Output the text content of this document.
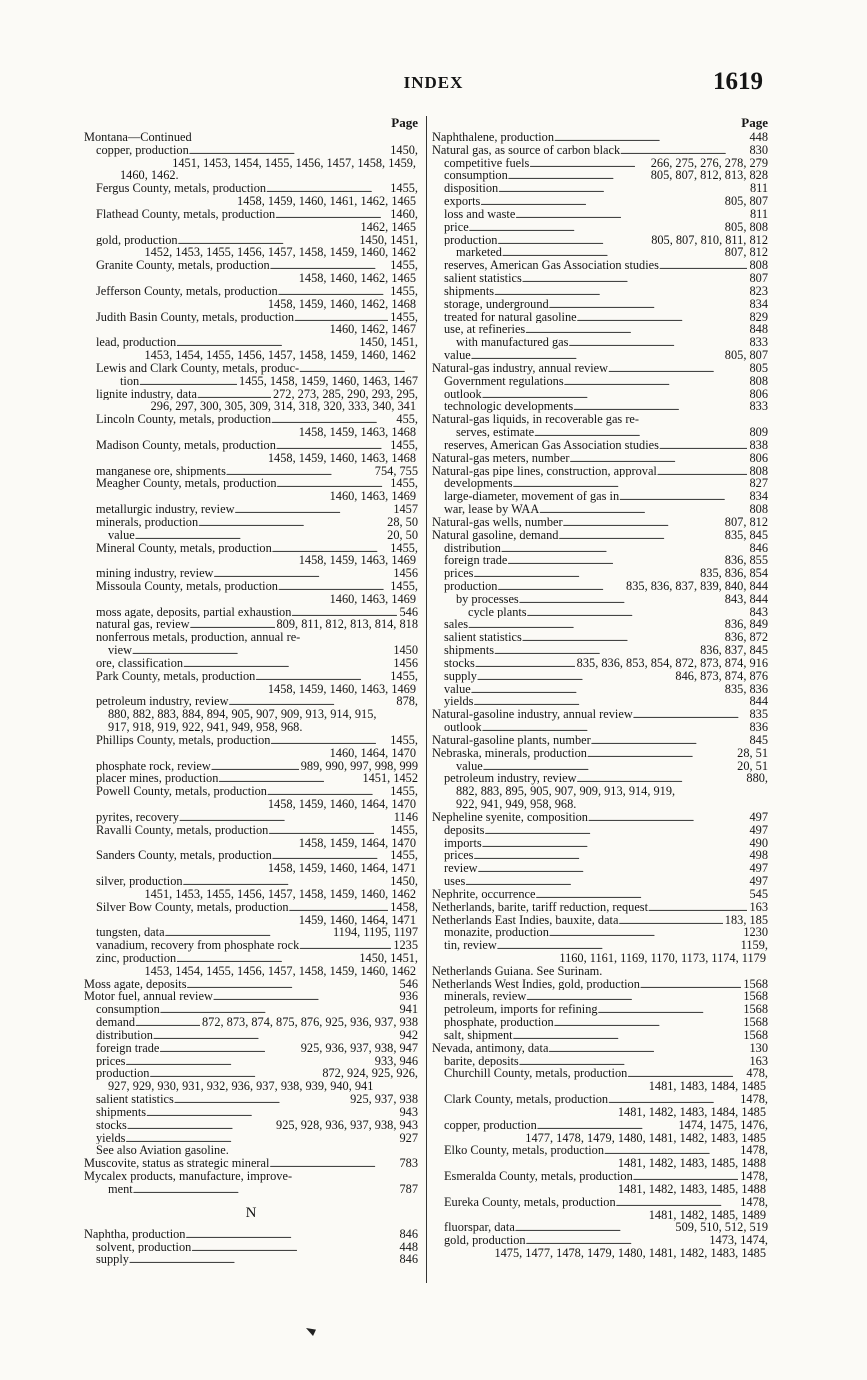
INDEX	1619
Page
Montana—Continued
copper, production . . .	1450,
1451, 1453, 1454, 1455, 1456, 1457, 1458, 1459,
1460, 1462.
Fergus County, metals, production . . .	1455,
1458, 1459, 1460, 1461, 1462, 1465
Flathead County, metals, production . . .	1460,
1462, 1465
gold, production . . .	1450, 1451,
1452, 1453, 1455, 1456, 1457, 1458, 1459, 1460, 1462
Granite County, metals, production . . .	1455,
1458, 1460, 1462, 1465
Jefferson County, metals, production . . .	1455,
1458, 1459, 1460, 1462, 1468
Judith Basin County, metals, production . . .	1455,
1460, 1462, 1467
lead, production . . .	1450, 1451,
1453, 1454, 1455, 1456, 1457, 1458, 1459, 1460, 1462
Lewis and Clark County, metals, produc-
. . .
tion . . .	1455, 1458, 1459, 1460, 1463, 1467
lignite industry, data . . .	272, 273, 285, 290, 293, 295,
296, 297, 300, 305, 309, 314, 318, 320, 333, 340, 341
Lincoln County, metals, production . . .	455,
1458, 1459, 1463, 1468
Madison County, metals, production . . .	1455,
1458, 1459, 1460, 1463, 1468
manganese ore, shipments . . .	754, 755
Meagher County, metals, production . . .	1455,
1460, 1463, 1469
metallurgic industry, review . . .	1457
minerals, production . . .	28, 50
value . . .	20, 50
Mineral County, metals, production . . .	1455,
1458, 1459, 1463, 1469
mining industry, review . . .	1456
Missoula County, metals, production . . .	1455,
1460, 1463, 1469
moss agate, deposits, partial exhaustion . . .	546
natural gas, review . . .	809, 811, 812, 813, 814, 818
nonferrous metals, production, annual re-
view . . .	1450
ore, classification . . .	1456
Park County, metals, production . . .	1455,
1458, 1459, 1460, 1463, 1469
petroleum industry, review . . .	878,
880, 882, 883, 884, 894, 905, 907, 909, 913, 914, 915,
917, 918, 919, 922, 941, 949, 958, 968.
Phillips County, metals, production . . .	1455,
1460, 1464, 1470
phosphate rock, review . . .	989, 990, 997, 998, 999
placer mines, production . . .	1451, 1452
Powell County, metals, production . . .	1455,
1458, 1459, 1460, 1464, 1470
pyrites, recovery . . .	1146
Ravalli County, metals, production . . .	1455,
1458, 1459, 1464, 1470
Sanders County, metals, production . . .	1455,
1458, 1459, 1460, 1464, 1471
silver, production . . .	1450,
1451, 1453, 1455, 1456, 1457, 1458, 1459, 1460, 1462
Silver Bow County, metals, production . . .	1458,
1459, 1460, 1464, 1471
tungsten, data . . .	1194, 1195, 1197
vanadium, recovery from phosphate rock . . .	1235
zinc, production . . .	1450, 1451,
1453, 1454, 1455, 1456, 1457, 1458, 1459, 1460, 1462
Moss agate, deposits . . .	546
Motor fuel, annual review . . .	936
consumption . . .	941
demand . . .	872, 873, 874, 875, 876, 925, 936, 937, 938
distribution . . .	942
foreign trade . . .	925, 936, 937, 938, 947
prices . . .	933, 946
production . . .	872, 924, 925, 926,
927, 929, 930, 931, 932, 936, 937, 938, 939, 940, 941
salient statistics . . .	925, 937, 938
shipments . . .	943
stocks . . .	925, 928, 936, 937, 938, 943
yields . . .	927
See also Aviation gasoline.
Muscovite, status as strategic mineral . . .	783
Mycalex products, manufacture, improve-
ment . . .	787
N
Naphtha, production . . .	846
solvent, production . . .	448
supply . . .	846
Page
Naphthalene, production . . .	448
Natural gas, as source of carbon black . . .	830
competitive fuels . . .	266, 275, 276, 278, 279
consumption . . .	805, 807, 812, 813, 828
disposition . . .	811
exports . . .	805, 807
loss and waste . . .	811
price . . .	805, 808
production . . .	805, 807, 810, 811, 812
marketed . . .	807, 812
reserves, American Gas Association studies . . .	808
salient statistics . . .	807
shipments . . .	823
storage, underground . . .	834
treated for natural gasoline . . .	829
use, at refineries . . .	848
with manufactured gas . . .	833
value . . .	805, 807
Natural-gas industry, annual review . . .	805
Government regulations . . .	808
outlook . . .	806
technologic developments . . .	833
Natural-gas liquids, in recoverable gas re-
serves, estimate . . .	809
reserves, American Gas Association studies . . .	838
Natural-gas meters, number . . .	806
Natural-gas pipe lines, construction, approval . . .	808
developments . . .	827
large-diameter, movement of gas in . . .	834
war, lease by WAA . . .	808
Natural-gas wells, number . . .	807, 812
Natural gasoline, demand . . .	835, 845
distribution . . .	846
foreign trade . . .	836, 855
prices . . .	835, 836, 854
production . . .	835, 836, 837, 839, 840, 844
by processes . . .	843, 844
cycle plants . . .	843
sales . . .	836, 849
salient statistics . . .	836, 872
shipments . . .	836, 837, 845
stocks . . .	835, 836, 853, 854, 872, 873, 874, 916
supply . . .	846, 873, 874, 876
value . . .	835, 836
yields . . .	844
Natural-gasoline industry, annual review . . .	835
outlook . . .	836
Natural-gasoline plants, number . . .	845
Nebraska, minerals, production . . .	28, 51
value . . .	20, 51
petroleum industry, review . . .	880,
882, 883, 895, 905, 907, 909, 913, 914, 919,
922, 941, 949, 958, 968.
Nepheline syenite, composition . . .	497
deposits . . .	497
imports . . .	490
prices . . .	498
review . . .	497
uses . . .	497
Nephrite, occurrence . . .	545
Netherlands, barite, tariff reduction, request . . .	163
Netherlands East Indies, bauxite, data . . .	183, 185
monazite, production . . .	1230
tin, review . . .	1159,
1160, 1161, 1169, 1170, 1173, 1174, 1179
Netherlands Guiana. See Surinam.
Netherlands West Indies, gold, production . . .	1568
minerals, review . . .	1568
petroleum, imports for refining . . .	1568
phosphate, production . . .	1568
salt, shipment . . .	1568
Nevada, antimony, data . . .	130
barite, deposits . . .	163
Churchill County, metals, production . . .	478,
1481, 1483, 1484, 1485
Clark County, metals, production . . .	1478,
1481, 1482, 1483, 1484, 1485
copper, production . . .	1474, 1475, 1476,
1477, 1478, 1479, 1480, 1481, 1482, 1483, 1485
Elko County, metals, production . . .	1478,
1481, 1482, 1483, 1485, 1488
Esmeralda County, metals, production . . .	1478,
1481, 1482, 1483, 1485, 1488
Eureka County, metals, production . . .	1478,
1481, 1482, 1485, 1489
fluorspar, data . . .	509, 510, 512, 519
gold, production . . .	1473, 1474,
1475, 1477, 1478, 1479, 1480, 1481, 1482, 1483, 1485
